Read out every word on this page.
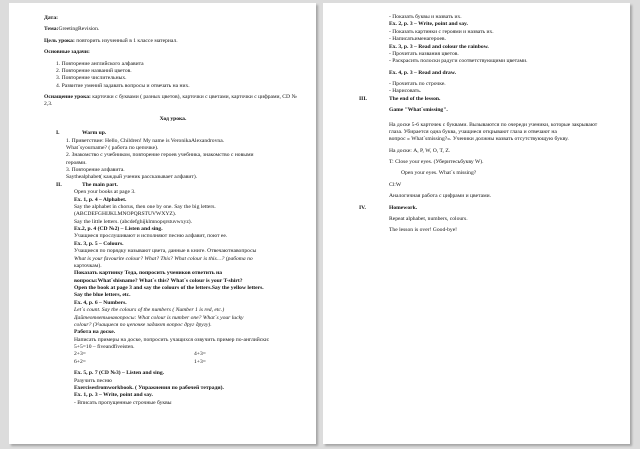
Дата:
Тема:GreetingRevision.
Цель урока: повторить изученный в 1 классе материал.
Основные задачи:
1. Повторение английского алфавита
2. Повторение названий цветов.
3. Повторение числительных.
4. Развитие умений задавать вопросы и отвечать на них.
Оснащение урока: карточки с буквами ( разных цветов), карточки с цветами, карточки с цифрами, CD № 2,3.
Ход урока.
I.	Warm up.
1. Приветствие: Hello, Children! My name is VeronikaAlexandrovna.
What`syourname? ( работа по цепочке).
2. Знакомство с учебником, повторение героев учебника, знакомство с новыми
героями.
3. Повторение алфавита.
Saythealphabet( каждый ученик рассказывает алфавит).
II.	The main part.
Open your books at page 3.
Ex. 1, p. 4 – Alphabet.
Say the alphabet in chorus, then one by one. Say the big letters.
(ABCDEFGHIJKLMNOPQRSTUVWXYZ).
Say the little letters. (abcdefghijklmnopqrstuvwxyz).
Ex.2, p. 4 (CD №2) – Listen and sing.
Учащиеся прослушивают и исполняют песню алфавит, поют ее.
Ex. 3, p. 5 – Colours.
Учащиеся по порядку называют цвета, данные в книге. Отвечаютнавопросы
What is your favourite colour? What? This? What colour is this…? (работа по
карточкам).
Показать картинку Теда, попросить учеников ответить на
вопросы:What`shisname? What`s this? What`s colour is your T-shirt?
Open the book at page 3 and say the colours of the letters.Say the yellow letters.
Say the blue letters, etc.
Ex. 4, p. 6 – Numbers.
Let`s count. Say the colours of the numbers ( Number 1 is red, etc.)
Дайтеответынавопросы: What colour is number one? What`s your lucky
colour? (Учащиеся по цепочке задают вопрос друг другу).
Работа на доске.
Написать примеры на доске, попросить учащихся озвучить пример по-английски:
5+5=10 – fiveandfiveisten.
2+3=	4+3=
6+2=	1+3=
Ex. 5, p. 7 (CD №3) – Listen and sing.
Разучить песню
Exercisesfromworkbook. ( Упражнения по рабочей тетради).
Ex. 1, p. 3 – Write, point and say.
- Вписать пропущенные строчные буквы
- Показать буквы и назвать их.
Ex. 2, p. 3 – Write, point and say.
- Показать картинки с героями и назвать их.
- Написатьименагероев.
Ex. 3, p. 3 – Read and colour the rainbow.
- Прочитать названия цветов.
- Раскрасить полоски радуги соответствующими цветами.
Ex. 4, p. 3 – Read and draw.
- Прочитать по строчке.
- Нарисовать.
III.	The end of the lesson.
Game "What`smissing".
На доске 5-6 карточек с буквами. Вызываются по очереди ученики, которые закрывают
глаза. Убирается одна буква, учащиеся открывают глаза и отвечают на
вопрос « What`smissing?». Ученики должны назвать отсутствующую букву.
На доске: A, P, W, O, T, Z.
T: Close your eyes. (Уберитесьбукву W).
Open your eyes. What`s missing?
Cl:W
Аналогичная работа с цифрами и цветами.
IV.	Homework.
Repeat alphabet, numbers, colours.
The lesson is over! Good-bye!
